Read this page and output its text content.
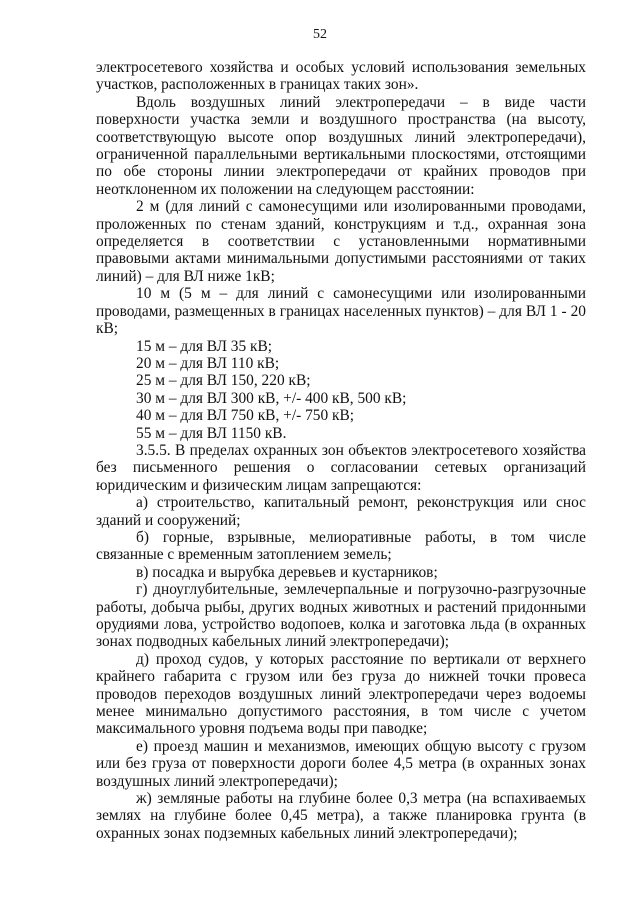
52

электросетевого хозяйства и особых условий использования земельных участков, расположенных в границах таких зон».

Вдоль воздушных линий электропередачи – в виде части поверхности участка земли и воздушного пространства (на высоту, соответствующую высоте опор воздушных линий электропередачи), ограниченной параллельными вертикальными плоскостями, отстоящими по обе стороны линии электропередачи от крайних проводов при неотклоненном их положении на следующем расстоянии:

2 м (для линий с самонесущими или изолированными проводами, проложенных по стенам зданий, конструкциям и т.д., охранная зона определяется в соответствии с установленными нормативными правовыми актами минимальными допустимыми расстояниями от таких линий) – для ВЛ ниже 1кВ;

10 м (5 м – для линий с самонесущими или изолированными проводами, размещенных в границах населенных пунктов) – для ВЛ 1 - 20 кВ;

15 м – для ВЛ 35 кВ;

20 м – для ВЛ 110 кВ;

25 м – для ВЛ 150, 220 кВ;

30 м – для ВЛ 300 кВ, +/- 400 кВ, 500 кВ;

40 м – для ВЛ 750 кВ, +/- 750 кВ;

55 м – для ВЛ 1150 кВ.

3.5.5. В пределах охранных зон объектов электросетевого хозяйства без письменного решения о согласовании сетевых организаций юридическим и физическим лицам запрещаются:

а) строительство, капитальный ремонт, реконструкция или снос зданий и сооружений;

б) горные, взрывные, мелиоративные работы, в том числе связанные с временным затоплением земель;

в) посадка и вырубка деревьев и кустарников;

г) дноуглубительные, землечерпальные и погрузочно-разгрузочные работы, добыча рыбы, других водных животных и растений придонными орудиями лова, устройство водопоев, колка и заготовка льда (в охранных зонах подводных кабельных линий электропередачи);

д) проход судов, у которых расстояние по вертикали от верхнего крайнего габарита с грузом или без груза до нижней точки провеса проводов переходов воздушных линий электропередачи через водоемы менее минимально допустимого расстояния, в том числе с учетом максимального уровня подъема воды при паводке;

е) проезд машин и механизмов, имеющих общую высоту с грузом или без груза от поверхности дороги более 4,5 метра (в охранных зонах воздушных линий электропередачи);

ж) земляные работы на глубине более 0,3 метра (на вспахиваемых землях на глубине более 0,45 метра), а также планировка грунта (в охранных зонах подземных кабельных линий электропередачи);
